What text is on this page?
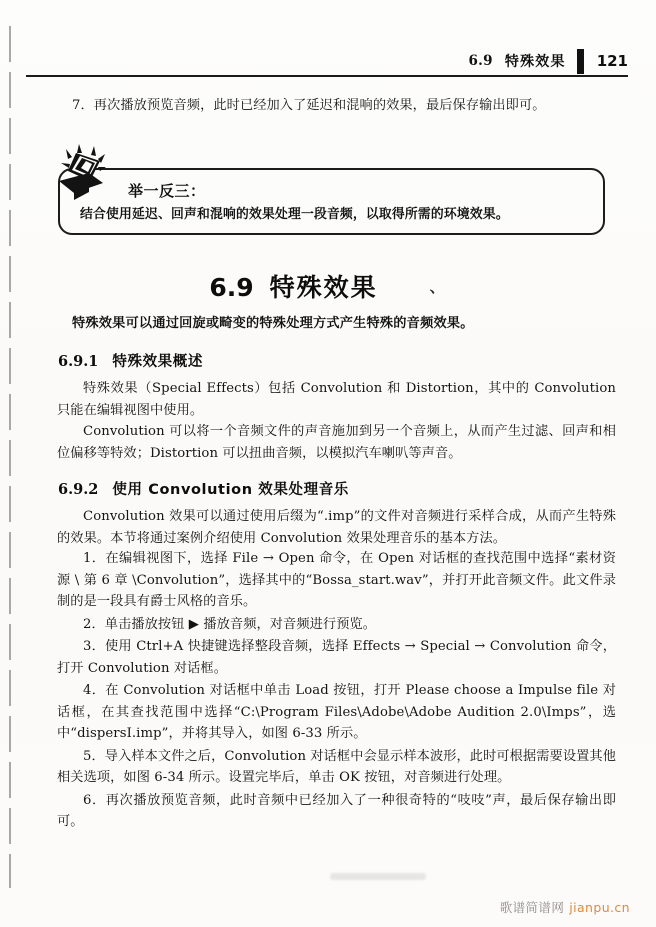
6.9 特殊效果 121
7．再次播放预览音频，此时已经加入了延迟和混响的效果，最后保存输出即可。
举一反三：
结合使用延迟、回声和混响的效果处理一段音频，以取得所需的环境效果。
6.9 特殊效果	、
特殊效果可以通过回旋或畸变的特殊处理方式产生特殊的音频效果。
6.9.1 特殊效果概述
特殊效果（Special Effects）包括 Convolution 和 Distortion，其中的 Convolution 只能在编辑视图中使用。
Convolution 可以将一个音频文件的声音施加到另一个音频上，从而产生过滤、回声和相位偏移等特效；Distortion 可以扭曲音频，以模拟汽车喇叭等声音。
6.9.2 使用 Convolution 效果处理音乐
Convolution 效果可以通过使用后缀为“.imp”的文件对音频进行采样合成，从而产生特殊的效果。本节将通过案例介绍使用 Convolution 效果处理音乐的基本方法。

1．在编辑视图下，选择 File → Open 命令，在 Open 对话框的查找范围中选择“素材资源 \ 第 6 章 \Convolution”，选择其中的“Bossa_start.wav”，并打开此音频文件。此文件录制的是一段具有爵士风格的音乐。

2．单击播放按钮 ▶ 播放音频，对音频进行预览。

3．使用 Ctrl+A 快捷键选择整段音频，选择 Effects → Special → Convolution 命令，打开 Convolution 对话框。

4．在 Convolution 对话框中单击 Load 按钮，打开 Please choose a Impulse file 对话框，在其查找范围中选择“C:\Program Files\Adobe\Adobe Audition 2.0\Imps”，选中“dispersI.imp”，并将其导入，如图 6-33 所示。

5．导入样本文件之后，Convolution 对话框中会显示样本波形，此时可根据需要设置其他相关选项，如图 6-34 所示。设置完毕后，单击 OK 按钮，对音频进行处理。

6．再次播放预览音频，此时音频中已经加入了一种很奇特的“吱吱”声，最后保存输出即可。

歌谱简谱网 jianpu.cn
